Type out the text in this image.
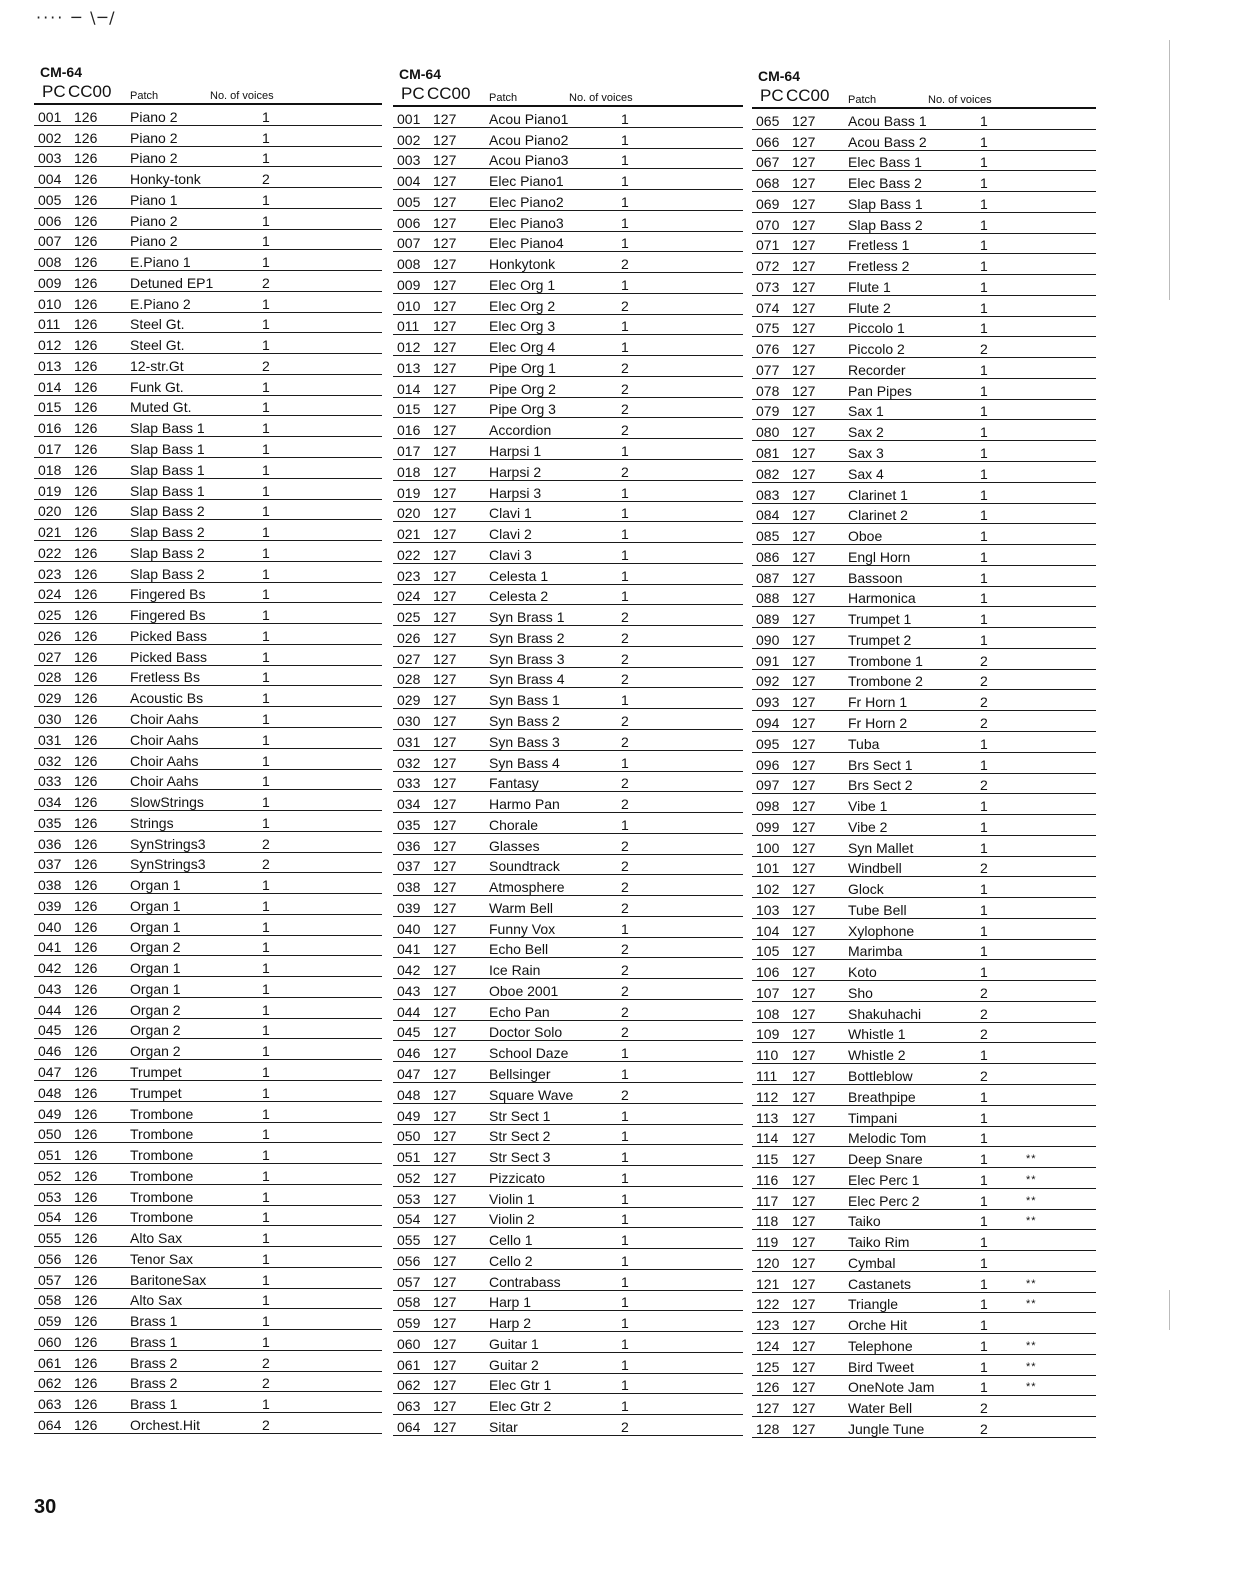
···· ─ \─/
CM-64
PC CC00 Patch	No. of voices
001 126 Piano 2	1
002 126 Piano 2	1
003 126 Piano 2	1
004 126 Honky-tonk	2
005 126 Piano 1	1
006 126 Piano 2	1
007 126 Piano 2	1
008 126 E.Piano 1	1
009 126 Detuned EP1	2
010 126 E.Piano 2	1
011 126 Steel Gt.	1
012 126 Steel Gt.	1
013 126 12-str.Gt	2
014 126 Funk Gt.	1
015 126 Muted Gt.	1
016 126 Slap Bass 1	1
017 126 Slap Bass 1	1
018 126 Slap Bass 1	1
019 126 Slap Bass 1	1
020 126 Slap Bass 2	1
021 126 Slap Bass 2	1
022 126 Slap Bass 2	1
023 126 Slap Bass 2	1
024 126 Fingered Bs	1
025 126 Fingered Bs	1
026 126 Picked Bass	1
027 126 Picked Bass	1
028 126 Fretless Bs	1
029 126 Acoustic Bs	1
030 126 Choir Aahs	1
031 126 Choir Aahs	1
032 126 Choir Aahs	1
033 126 Choir Aahs	1
034 126 SlowStrings	1
035 126 Strings	1
036 126 SynStrings3	2
037 126 SynStrings3	2
038 126 Organ 1	1
039 126 Organ 1	1
040 126 Organ 1	1
041 126 Organ 2	1
042 126 Organ 1	1
043 126 Organ 1	1
044 126 Organ 2	1
045 126 Organ 2	1
046 126 Organ 2	1
047 126 Trumpet	1
048 126 Trumpet	1
049 126 Trombone	1
050 126 Trombone	1
051 126 Trombone	1
052 126 Trombone	1
053 126 Trombone	1
054 126 Trombone	1
055 126 Alto Sax	1
056 126 Tenor Sax	1
057 126 BaritoneSax	1
058 126 Alto Sax	1
059 126 Brass 1	1
060 126 Brass 1	1
061 126 Brass 2	2
062 126 Brass 2	2
063 126 Brass 1	1
064 126 Orchest.Hit	2
CM-64
PC CC00 Patch	No. of voices
001 127 Acou Piano1	1
002 127 Acou Piano2	1
003 127 Acou Piano3	1
004 127 Elec Piano1	1
005 127 Elec Piano2	1
006 127 Elec Piano3	1
007 127 Elec Piano4	1
008 127 Honkytonk	2
009 127 Elec Org 1	1
010 127 Elec Org 2	2
011 127 Elec Org 3	1
012 127 Elec Org 4	1
013 127 Pipe Org 1	2
014 127 Pipe Org 2	2
015 127 Pipe Org 3	2
016 127 Accordion	2
017 127 Harpsi 1	1
018 127 Harpsi 2	2
019 127 Harpsi 3	1
020 127 Clavi 1	1
021 127 Clavi 2	1
022 127 Clavi 3	1
023 127 Celesta 1	1
024 127 Celesta 2	1
025 127 Syn Brass 1	2
026 127 Syn Brass 2	2
027 127 Syn Brass 3	2
028 127 Syn Brass 4	2
029 127 Syn Bass 1	1
030 127 Syn Bass 2	2
031 127 Syn Bass 3	2
032 127 Syn Bass 4	1
033 127 Fantasy	2
034 127 Harmo Pan	2
035 127 Chorale	1
036 127 Glasses	2
037 127 Soundtrack	2
038 127 Atmosphere	2
039 127 Warm Bell	2
040 127 Funny Vox	1
041 127 Echo Bell	2
042 127 Ice Rain	2
043 127 Oboe 2001	2
044 127 Echo Pan	2
045 127 Doctor Solo	2
046 127 School Daze	1
047 127 Bellsinger	1
048 127 Square Wave	2
049 127 Str Sect 1	1
050 127 Str Sect 2	1
051 127 Str Sect 3	1
052 127 Pizzicato	1
053 127 Violin 1	1
054 127 Violin 2	1
055 127 Cello 1	1
056 127 Cello 2	1
057 127 Contrabass	1
058 127 Harp 1	1
059 127 Harp 2	1
060 127 Guitar 1	1
061 127 Guitar 2	1
062 127 Elec Gtr 1	1
063 127 Elec Gtr 2	1
064 127 Sitar	2
CM-64
PC CC00 Patch	No. of voices
065 127 Acou Bass 1	1
066 127 Acou Bass 2	1
067 127 Elec Bass 1	1
068 127 Elec Bass 2	1
069 127 Slap Bass 1	1
070 127 Slap Bass 2	1
071 127 Fretless 1	1
072 127 Fretless 2	1
073 127 Flute 1	1
074 127 Flute 2	1
075 127 Piccolo 1	1
076 127 Piccolo 2	2
077 127 Recorder	1
078 127 Pan Pipes	1
079 127 Sax 1	1
080 127 Sax 2	1
081 127 Sax 3	1
082 127 Sax 4	1
083 127 Clarinet 1	1
084 127 Clarinet 2	1
085 127 Oboe	1
086 127 Engl Horn	1
087 127 Bassoon	1
088 127 Harmonica	1
089 127 Trumpet 1	1
090 127 Trumpet 2	1
091 127 Trombone 1	2
092 127 Trombone 2	2
093 127 Fr Horn 1	2
094 127 Fr Horn 2	2
095 127 Tuba	1
096 127 Brs Sect 1	1
097 127 Brs Sect 2	2
098 127 Vibe 1	1
099 127 Vibe 2	1
100 127 Syn Mallet	1
101 127 Windbell	2
102 127 Glock	1
103 127 Tube Bell	1
104 127 Xylophone	1
105 127 Marimba	1
106 127 Koto	1
107 127 Sho	2
108 127 Shakuhachi	2
109 127 Whistle 1	2
110 127 Whistle 2	1
111 127 Bottleblow	2
112 127 Breathpipe	1
113 127 Timpani	1
114 127 Melodic Tom	1
115 127 Deep Snare	1	**
116 127 Elec Perc 1	1	**
117 127 Elec Perc 2	1	**
118 127 Taiko	1	**
119 127 Taiko Rim	1
120 127 Cymbal	1
121 127 Castanets	1	**
122 127 Triangle	1	**
123 127 Orche Hit	1
124 127 Telephone	1	**
125 127 Bird Tweet	1	**
126 127 OneNote Jam	1	**
127 127 Water Bell	2
128 127 Jungle Tune	2
30
